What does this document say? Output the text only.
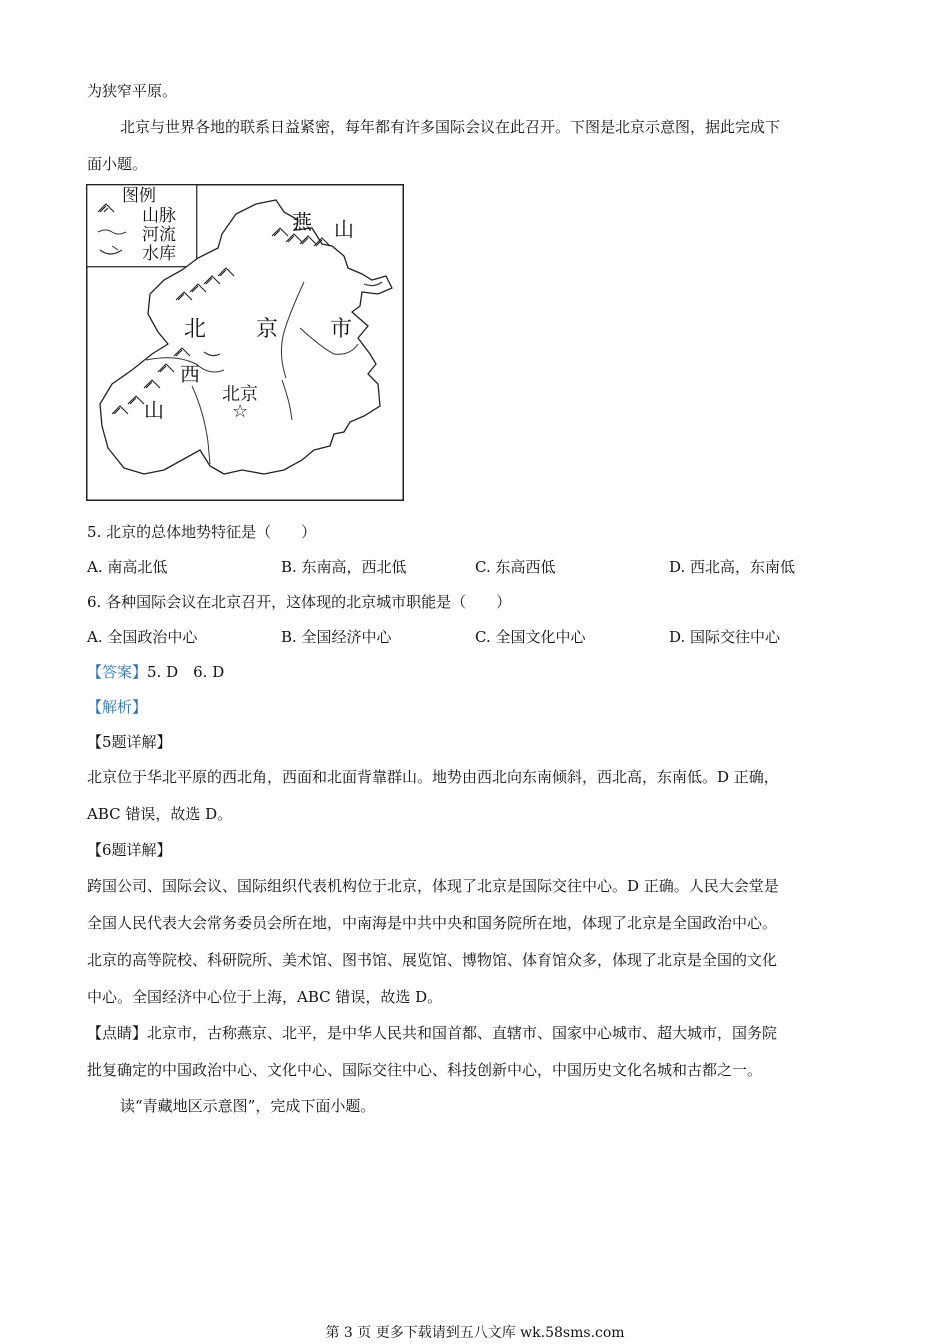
为狭窄平原。
北京与世界各地的联系日益紧密，每年都有许多国际会议在此召开。下图是北京示意图，据此完成下
面小题。
图例
山脉
河流
水库
燕 山
北 京 市
西
山
北京
☆
5. 北京的总体地势特征是（　　）
A. 南高北低	B. 东南高，西北低	C. 东高西低	D. 西北高，东南低
6. 各种国际会议在北京召开，这体现的北京城市职能是（　　）
A. 全国政治中心	B. 全国经济中心	C. 全国文化中心	D. 国际交往中心
【答案】5. D　6. D
【解析】
【5题详解】
北京位于华北平原的西北角，西面和北面背靠群山。地势由西北向东南倾斜，西北高，东南低。D 正确，
ABC 错误，故选 D。
【6题详解】
跨国公司、国际会议、国际组织代表机构位于北京，体现了北京是国际交往中心。D 正确。人民大会堂是
全国人民代表大会常务委员会所在地，中南海是中共中央和国务院所在地，体现了北京是全国政治中心。
北京的高等院校、科研院所、美术馆、图书馆、展览馆、博物馆、体育馆众多，体现了北京是全国的文化
中心。全国经济中心位于上海，ABC 错误，故选 D。
【点睛】北京市，古称燕京、北平，是中华人民共和国首都、直辖市、国家中心城市、超大城市，国务院
批复确定的中国政治中心、文化中心、国际交往中心、科技创新中心，中国历史文化名城和古都之一。
读“青藏地区示意图”，完成下面小题。
第 3 页 更多下载请到五八文库 wk.58sms.com
